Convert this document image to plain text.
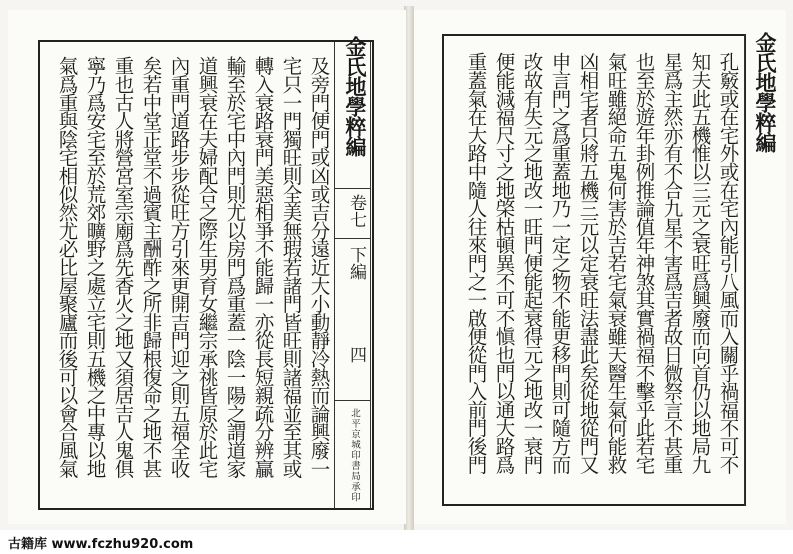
及旁門便門或凶或吉分遠近大小動靜冷熱而論興廢一
宅只一門獨旺則全美無瑕若諸門皆旺則諸福並至其或
轉入衰路衰門美惡相爭不能歸一亦從長短親疏分辨贏
輸至於宅中內門則尤以房門爲重蓋一陰一陽之謂道家
道興衰在夫婦配合之際生男育女繼宗承祧皆原於此宅
內重門道路步步從旺方引來更開吉門迎之則五福全收
矣若中堂正堂不過賓主酬酢之所非歸根復命之地不甚
重也古人將營宮室宗廟爲先香火之地又須居吉人鬼俱
寧乃爲安宅至於荒郊曠野之處立宅則五機之中專以地
氣爲重與陰宅相似然尤必比屋聚廬而後可以會合風氣	金氏地學粹編
卷七
下編
四
北平京城印書局承印	孔竅或在宅外或在宅內能引八風而入關乎禍福不可不
知夫此五機惟以三元之衰旺爲興廢而向首仍以地局九
星爲主然亦有不合九星不害爲吉者故日微祭言不甚重
也至於遊年卦例推論值年神煞其實禍福不擊乎此若宅
氣旺雖絕命五鬼何害於吉若宅氣衰雖天醫生氣何能救
凶相宅者只將五機三元以定衰旺法盡此矣從地從門又
申言門之爲重蓋地乃一定之物不能更移門則可隨方而
改故有失元之地改一旺門便能起衰得元之地改一衰門
便能減福尺寸之地棨枯頓異不可不愼也門以通大路爲
重蓋氣在大路中隨人往來門之一啟便從門入前門後門	金氏地學粹編
古籍库 www.fczhu920.com
